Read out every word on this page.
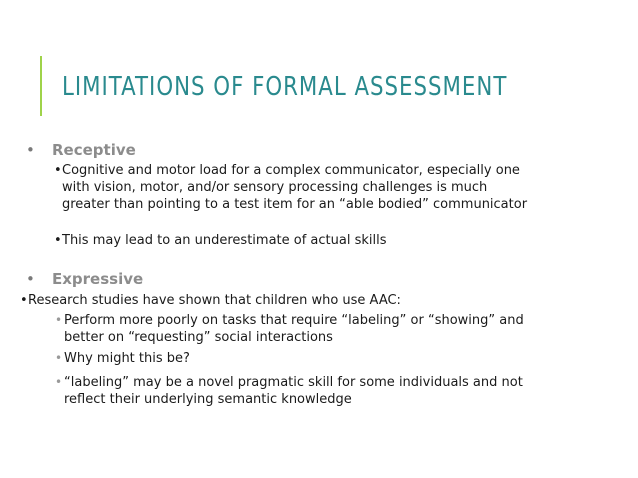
LIMITATIONS OF FORMAL ASSESSMENT
• Receptive
• Cognitive and motor load for a complex communicator, especially one with vision, motor, and/or sensory processing challenges is much greater than pointing to a test item for an “able bodied” communicator
• This may lead to an underestimate of actual skills
• Expressive
• Research studies have shown that children who use AAC:
• Perform more poorly on tasks that require “labeling” or “showing” and better on “requesting” social interactions
• Why might this be?
• “labeling” may be a novel pragmatic skill for some individuals and not reflect their underlying semantic knowledge
